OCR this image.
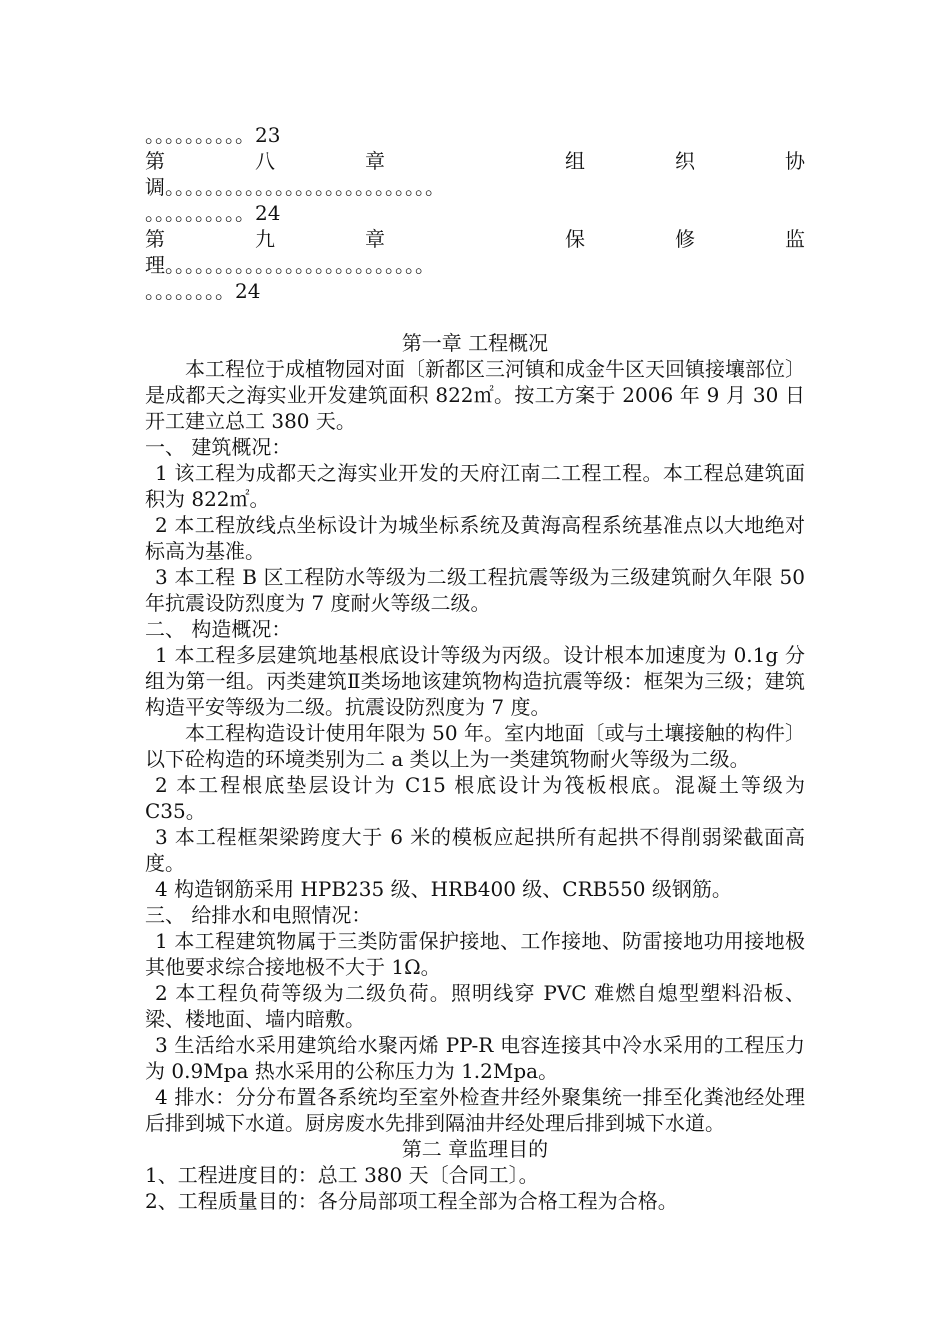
。。。。。。。。。。23
第	八	章	组	织	协
调。。。。。。。。。。。。。。。。。。。。。。。。。。。
。。。。。。。。。。24
第	九	章	保	修	监
理。。。。。。。。。。。。。。。。。。。。。。。。。。
。。。。。。。。24
第一章 工程概况
本工程位于成植物园对面〔新都区三河镇和成金牛区天回镇接壤部位〕是成都天之海实业开发建筑面积 822㎡。按工方案于 2006 年 9 月 30 日开工建立总工 380 天。
一、 建筑概况：
1 该工程为成都天之海实业开发的天府江南二工程工程。本工程总建筑面积为 822㎡。
2 本工程放线点坐标设计为城坐标系统及黄海高程系统基准点以大地绝对标高为基准。
3 本工程 B 区工程防水等级为二级工程抗震等级为三级建筑耐久年限 50 年抗震设防烈度为 7 度耐火等级二级。
二、 构造概况：
1 本工程多层建筑地基根底设计等级为丙级。设计根本加速度为 0.1g 分组为第一组。丙类建筑Ⅱ类场地该建筑物构造抗震等级：框架为三级；建筑构造平安等级为二级。抗震设防烈度为 7 度。
本工程构造设计使用年限为 50 年。室内地面〔或与土壤接触的构件〕以下砼构造的环境类别为二 a 类以上为一类建筑物耐火等级为二级。
2 本工程根底垫层设计为 C15 根底设计为筏板根底。混凝土等级为 C35。
3 本工程框架梁跨度大于 6 米的模板应起拱所有起拱不得削弱梁截面高度。
4 构造钢筋采用 HPB235 级、HRB400 级、CRB550 级钢筋。
三、 给排水和电照情况：
1 本工程建筑物属于三类防雷保护接地、工作接地、防雷接地功用接地极其他要求综合接地极不大于 1Ω。
2 本工程负荷等级为二级负荷。照明线穿 PVC 难燃自熄型塑料沿板、梁、楼地面、墙内暗敷。
3 生活给水采用建筑给水聚丙烯 PP-R 电容连接其中冷水采用的工程压力为 0.9Mpa 热水采用的公称压力为 1.2Mpa。
4 排水：分分布置各系统均至室外检查井经外聚集统一排至化粪池经处理后排到城下水道。厨房废水先排到隔油井经处理后排到城下水道。
第二 章监理目的
1、工程进度目的：总工 380 天〔合同工〕。
2、工程质量目的：各分局部项工程全部为合格工程为合格。
